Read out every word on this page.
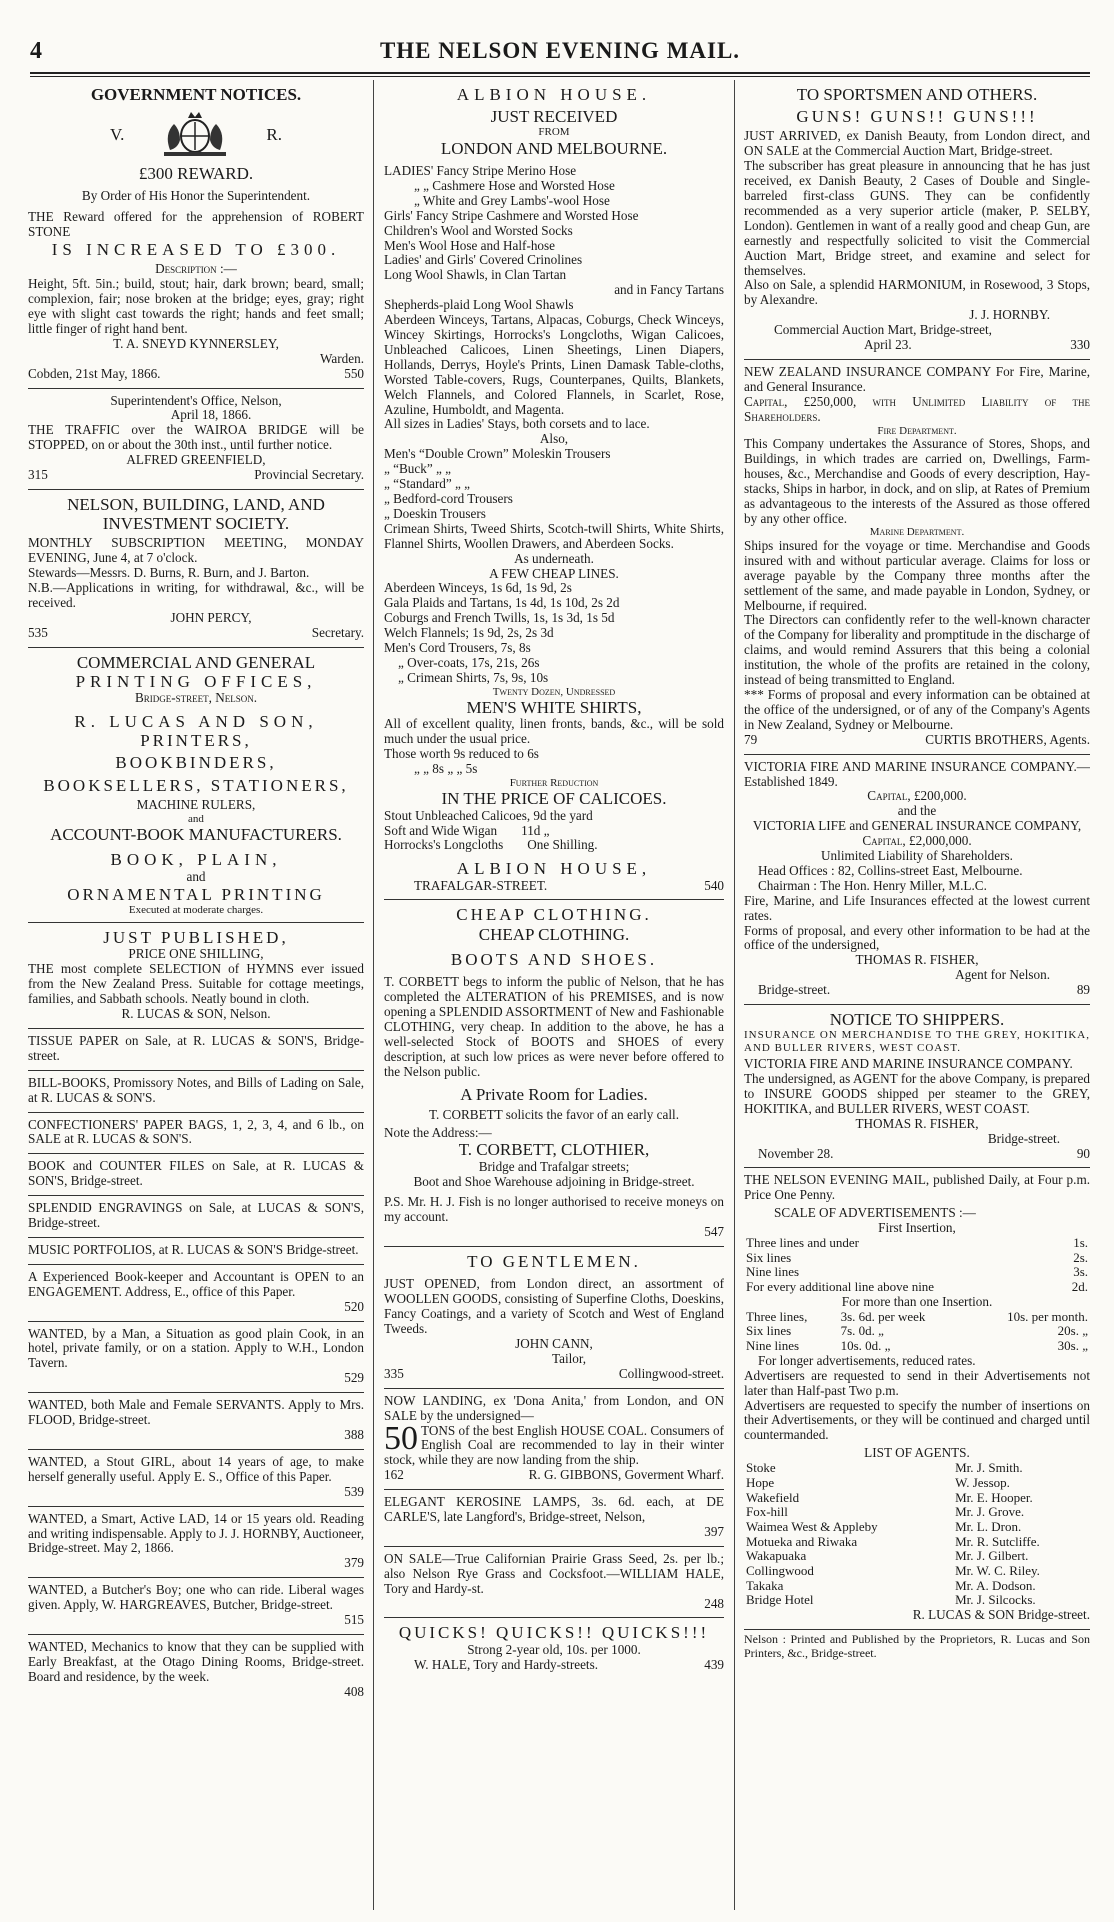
4	THE NELSON EVENING MAIL.
GOVERNMENT NOTICES.
V.	R.
£300 REWARD.
By Order of His Honor the Superintendent.

THE Reward offered for the apprehension of ROBERT STONE

IS INCREASED TO £300.
Description :—

Height, 5ft. 5in.; build, stout; hair, dark brown; beard, small; complexion, fair; nose broken at the bridge; eyes, gray; right eye with slight cast towards the right; hands and feet small; little finger of right hand bent.

T. A. SNEYD KYNNERSLEY,
Warden.
Cobden, 21st May, 1866.	550
Superintendent's Office, Nelson,
April 18, 1866.

THE TRAFFIC over the WAIROA BRIDGE will be STOPPED, on or about the 30th inst., until further notice.

ALFRED GREENFIELD,
315	Provincial Secretary.
NELSON, BUILDING, LAND, AND INVESTMENT SOCIETY.

MONTHLY SUBSCRIPTION MEETING, MONDAY EVENING, June 4, at 7 o'clock.

Stewards—Messrs. D. Burns, R. Burn, and J. Barton.

N.B.—Applications in writing, for withdrawal, &c., will be received.

JOHN PERCY,
535	Secretary.
COMMERCIAL AND GENERAL
PRINTING OFFICES,
Bridge-street, Nelson.
R. LUCAS AND SON,
PRINTERS,
BOOKBINDERS,
BOOKSELLERS, STATIONERS,
MACHINE RULERS,
and
ACCOUNT-BOOK MANUFACTURERS.
BOOK, PLAIN,
and
ORNAMENTAL PRINTING
Executed at moderate charges.
JUST PUBLISHED,
PRICE ONE SHILLING,

THE most complete SELECTION of HYMNS ever issued from the New Zealand Press. Suitable for cottage meetings, families, and Sabbath schools. Neatly bound in cloth.

R. LUCAS & SON, Nelson.

TISSUE PAPER on Sale, at R. LUCAS & SON'S, Bridge-street.

BILL-BOOKS, Promissory Notes, and Bills of Lading on Sale, at R. LUCAS & SON'S.

CONFECTIONERS' PAPER BAGS, 1, 2, 3, 4, and 6 lb., on SALE at R. LUCAS & SON'S.

BOOK and COUNTER FILES on Sale, at R. LUCAS & SON'S, Bridge-street.

SPLENDID ENGRAVINGS on Sale, at LUCAS & SON'S, Bridge-street.

MUSIC PORTFOLIOS, at R. LUCAS & SON'S Bridge-street.

A Experienced Book-keeper and Accountant is OPEN to an ENGAGEMENT. Address, E., office of this Paper.

520

WANTED, by a Man, a Situation as good plain Cook, in an hotel, private family, or on a station. Apply to W.H., London Tavern.

529

WANTED, both Male and Female SERVANTS. Apply to Mrs. FLOOD, Bridge-street.

388

WANTED, a Stout GIRL, about 14 years of age, to make herself generally useful. Apply E. S., Office of this Paper.

539

WANTED, a Smart, Active LAD, 14 or 15 years old. Reading and writing indispensable. Apply to J. J. HORNBY, Auctioneer, Bridge-street. May 2, 1866.

379

WANTED, a Butcher's Boy; one who can ride. Liberal wages given. Apply, W. HARGREAVES, Butcher, Bridge-street.

515

WANTED, Mechanics to know that they can be supplied with Early Breakfast, at the Otago Dining Rooms, Bridge-street. Board and residence, by the week.

408
ALBION HOUSE.
JUST RECEIVED
FROM
LONDON AND MELBOURNE.
LADIES' Fancy Stripe Merino Hose
„ „ Cashmere Hose and Worsted Hose
„ White and Grey Lambs'-wool Hose
Girls' Fancy Stripe Cashmere and Worsted Hose
Children's Wool and Worsted Socks
Men's Wool Hose and Half-hose
Ladies' and Girls' Covered Crinolines
Long Wool Shawls, in Clan Tartan
and in Fancy Tartans
Shepherds-plaid Long Wool Shawls

Aberdeen Winceys, Tartans, Alpacas, Coburgs, Check Winceys, Wincey Skirtings, Horrocks's Longcloths, Wigan Calicoes, Unbleached Calicoes, Linen Sheetings, Linen Diapers, Hollands, Derrys, Hoyle's Prints, Linen Damask Table-cloths, Worsted Table-covers, Rugs, Counterpanes, Quilts, Blankets, Welch Flannels, and Colored Flannels, in Scarlet, Rose, Azuline, Humboldt, and Magenta.

All sizes in Ladies' Stays, both corsets and to lace.
Also,
Men's “Double Crown” Moleskin Trousers
„ “Buck” „ „
„ “Standard” „ „
„ Bedford-cord Trousers
„ Doeskin Trousers

Crimean Shirts, Tweed Shirts, Scotch-twill Shirts, White Shirts, Flannel Shirts, Woollen Drawers, and Aberdeen Socks.

As underneath.
A FEW CHEAP LINES.
Aberdeen Winceys, 1s 6d, 1s 9d, 2s
Gala Plaids and Tartans, 1s 4d, 1s 10d, 2s 2d
Coburgs and French Twills, 1s, 1s 3d, 1s 5d
Welch Flannels; 1s 9d, 2s, 2s 3d
Men's Cord Trousers, 7s, 8s
„ Over-coats, 17s, 21s, 26s
„ Crimean Shirts, 7s, 9s, 10s
Twenty Dozen, Undressed
MEN'S WHITE SHIRTS,

All of excellent quality, linen fronts, bands, &c., will be sold much under the usual price.

Those worth 9s reduced to 6s
„ „ 8s „ „ 5s
Further Reduction
IN THE PRICE OF CALICOES.
Stout Unbleached Calicoes, 9d the yard
Soft and Wide Wigan 11d „
Horrocks's Longcloths One Shilling.
ALBION HOUSE,
TRAFALGAR-STREET.	540
CHEAP CLOTHING.
CHEAP CLOTHING.
BOOTS AND SHOES.

T. CORBETT begs to inform the public of Nelson, that he has completed the ALTERATION of his PREMISES, and is now opening a SPLENDID ASSORTMENT of New and Fashionable CLOTHING, very cheap. In addition to the above, he has a well-selected Stock of BOOTS and SHOES of every description, at such low prices as were never before offered to the Nelson public.

A Private Room for Ladies.
T. CORBETT solicits the favor of an early call.
Note the Address:—
T. CORBETT, CLOTHIER,
Bridge and Trafalgar streets;
Boot and Shoe Warehouse adjoining in Bridge-street.

P.S. Mr. H. J. Fish is no longer authorised to receive moneys on my account.

547
TO GENTLEMEN.

JUST OPENED, from London direct, an assortment of WOOLLEN GOODS, consisting of Superfine Cloths, Doeskins, Fancy Coatings, and a variety of Scotch and West of England Tweeds.

JOHN CANN,
Tailor,
335	Collingwood-street.

NOW LANDING, ex 'Dona Anita,' from London, and ON SALE by the undersigned—

50 TONS of the best English HOUSE COAL. Consumers of English Coal are recommended to lay in their winter stock, while they are now landing from the ship.

162	R. G. GIBBONS, Goverment Wharf.

ELEGANT KEROSINE LAMPS, 3s. 6d. each, at DE CARLE'S, late Langford's, Bridge-street, Nelson,

397

ON SALE—True Californian Prairie Grass Seed, 2s. per lb.; also Nelson Rye Grass and Cocksfoot.—WILLIAM HALE, Tory and Hardy-st.

248
QUICKS! QUICKS!! QUICKS!!!
Strong 2-year old, 10s. per 1000.
W. HALE, Tory and Hardy-streets.	439
TO SPORTSMEN AND OTHERS.
GUNS! GUNS!! GUNS!!!

JUST ARRIVED, ex Danish Beauty, from London direct, and ON SALE at the Commercial Auction Mart, Bridge-street.

The subscriber has great pleasure in announcing that he has just received, ex Danish Beauty, 2 Cases of Double and Single-barreled first-class GUNS. They can be confidently recommended as a very superior article (maker, P. SELBY, London). Gentlemen in want of a really good and cheap Gun, are earnestly and respectfully solicited to visit the Commercial Auction Mart, Bridge street, and examine and select for themselves.

Also on Sale, a splendid HARMONIUM, in Rosewood, 3 Stops, by Alexandre.

J. J. HORNBY.
Commercial Auction Mart, Bridge-street,
April 23.	330

NEW ZEALAND INSURANCE COMPANY For Fire, Marine, and General Insurance.

Capital, £250,000, with Unlimited Liability of the Shareholders.

Fire Department.

This Company undertakes the Assurance of Stores, Shops, and Buildings, in which trades are carried on, Dwellings, Farm-houses, &c., Merchandise and Goods of every description, Hay-stacks, Ships in harbor, in dock, and on slip, at Rates of Premium as advantageous to the interests of the Assured as those offered by any other office.

Marine Department.

Ships insured for the voyage or time. Merchandise and Goods insured with and without particular average. Claims for loss or average payable by the Company three months after the settlement of the same, and made payable in London, Sydney, or Melbourne, if required.

The Directors can confidently refer to the well-known character of the Company for liberality and promptitude in the discharge of claims, and would remind Assurers that this being a colonial institution, the whole of the profits are retained in the colony, instead of being transmitted to England.

*** Forms of proposal and every information can be obtained at the office of the undersigned, or of any of the Company's Agents in New Zealand, Sydney or Melbourne.

79	CURTIS BROTHERS, Agents.

VICTORIA FIRE AND MARINE INSURANCE COMPANY.—Established 1849.

Capital, £200,000.
and the
VICTORIA LIFE and GENERAL INSURANCE COMPANY,
Capital, £2,000,000.
Unlimited Liability of Shareholders.
Head Offices : 82, Collins-street East, Melbourne.
Chairman : The Hon. Henry Miller, M.L.C.

Fire, Marine, and Life Insurances effected at the lowest current rates.

Forms of proposal, and every other information to be had at the office of the undersigned,

THOMAS R. FISHER,
Agent for Nelson.
Bridge-street.	89
NOTICE TO SHIPPERS.

INSURANCE ON MERCHANDISE TO THE GREY, HOKITIKA, AND BULLER RIVERS, WEST COAST.

VICTORIA FIRE AND MARINE INSURANCE COMPANY.

The undersigned, as AGENT for the above Company, is prepared to INSURE GOODS shipped per steamer to the GREY, HOKITIKA, and BULLER RIVERS, WEST COAST.

THOMAS R. FISHER,
Bridge-street.
November 28.	90

THE NELSON EVENING MAIL, published Daily, at Four p.m. Price One Penny.

SCALE OF ADVERTISEMENTS :—
First Insertion,
Three lines and under	1s.
Six lines	2s.
Nine lines	3s.
For every additional line above nine	2d.
For more than one Insertion.
Three lines,	3s. 6d. per week	10s. per month.
Six lines	7s. 0d. „	20s. „
Nine lines	10s. 0d. „	30s. „
For longer advertisements, reduced rates.

Advertisers are requested to send in their Advertisements not later than Half-past Two p.m.

Advertisers are requested to specify the number of insertions on their Advertisements, or they will be continued and charged until countermanded.

LIST OF AGENTS.
Stoke	Mr. J. Smith.
Hope	W. Jessop.
Wakefield	Mr. E. Hooper.
Fox-hill	Mr. J. Grove.
Waimea West & Appleby	Mr. L. Dron.
Motueka and Riwaka	Mr. R. Sutcliffe.
Wakapuaka	Mr. J. Gilbert.
Collingwood	Mr. W. C. Riley.
Takaka	Mr. A. Dodson.
Bridge Hotel	Mr. J. Silcocks.
R. LUCAS & SON Bridge-street.

Nelson : Printed and Published by the Proprietors, R. Lucas and Son Printers, &c., Bridge-street.
